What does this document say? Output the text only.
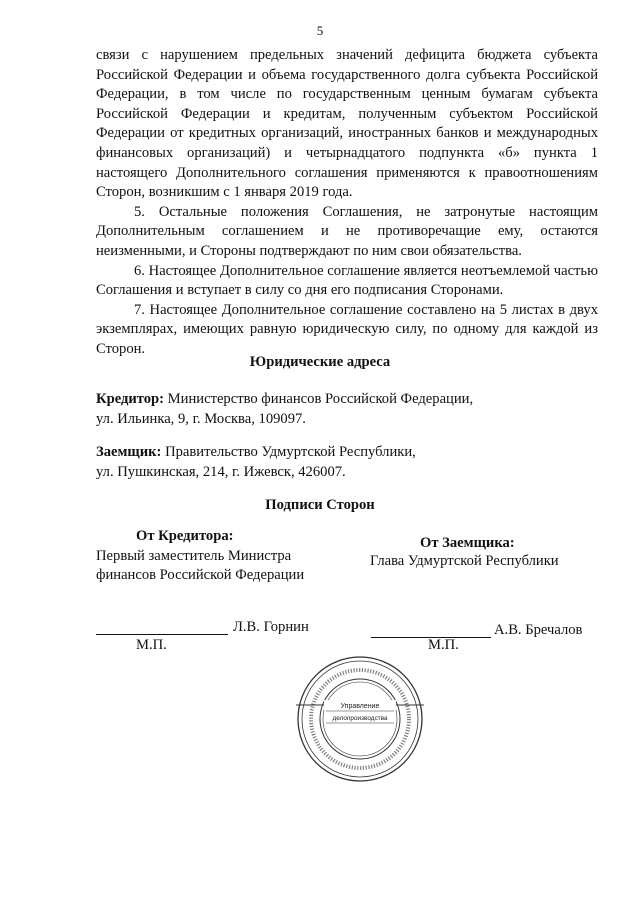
5

связи с нарушением предельных значений дефицита бюджета субъекта Российской Федерации и объема государственного долга субъекта Российской Федерации, в том числе по государственным ценным бумагам субъекта Российской Федерации и кредитам, полученным субъектом Российской Федерации от кредитных организаций, иностранных банков и международных финансовых организаций) и четырнадцатого подпункта «б» пункта 1 настоящего Дополнительного соглашения применяются к правоотношениям Сторон, возникшим с 1 января 2019 года.

5. Остальные положения Соглашения, не затронутые настоящим Дополнительным соглашением и не противоречащие ему, остаются неизменными, и Стороны подтверждают по ним свои обязательства.

6. Настоящее Дополнительное соглашение является неотъемлемой частью Соглашения и вступает в силу со дня его подписания Сторонами.

7. Настоящее Дополнительное соглашение составлено на 5 листах в двух экземплярах, имеющих равную юридическую силу, по одному для каждой из Сторон.

Юридические адреса
Кредитор: Министерство финансов Российской Федерации,
ул. Ильинка, 9, г. Москва, 109097.
Заемщик: Правительство Удмуртской Республики,
ул. Пушкинская, 214, г. Ижевск, 426007.
Подписи Сторон
От Кредитора:
Первый заместитель Министра
финансов Российской Федерации
От Заемщика:
Глава Удмуртской Республики
Л.В. Горнин
М.П.
А.В. Бречалов
М.П.
Управление
делопроизводства
